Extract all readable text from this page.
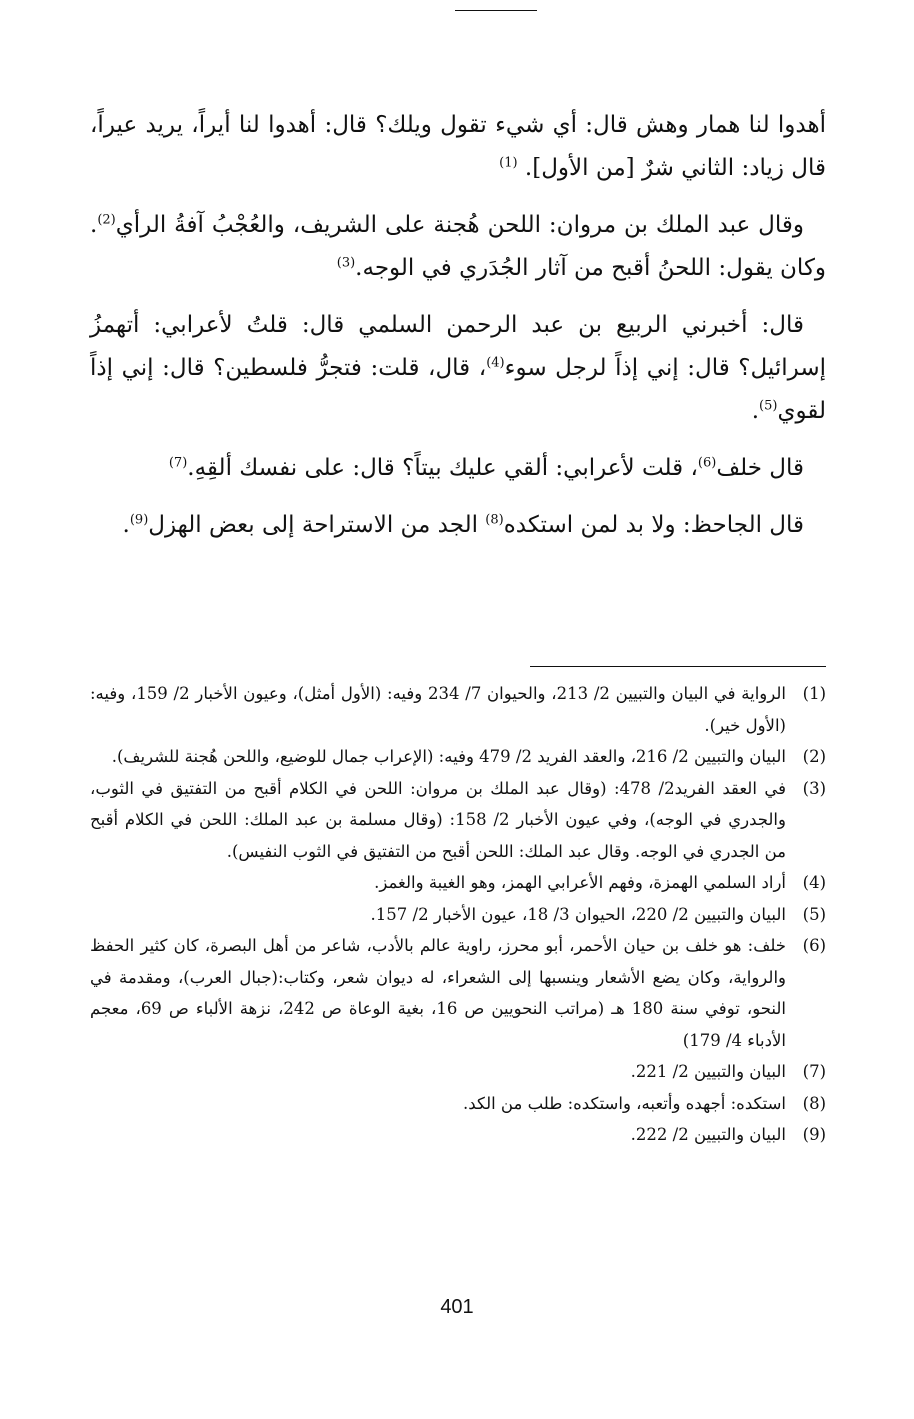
أهدوا لنا همار وهش قال: أي شيء تقول ويلك؟ قال: أهدوا لنا أيراً، يريد عيراً، قال زياد: الثاني شرٌ [من الأول]. $^{(1)}$

وقال عبد الملك بن مروان: اللحن هُجنة على الشريف، والعُجْبُ آفةُ الرأي$^{(2)}$. وكان يقول: اللحنُ أقبح من آثار الجُدَري في الوجه.$^{(3)}$

قال: أخبرني الربيع بن عبد الرحمن السلمي قال: قلتُ لأعرابي: أتهمزُ إسرائيل؟ قال: إني إذاً لرجل سوء$^{(4)}$، قال، قلت: فتجرُّ فلسطين؟ قال: إني إذاً لقوي$^{(5)}$.

قال خلف$^{(6)}$، قلت لأعرابي: ألقي عليك بيتاً؟ قال: على نفسك ألقِهِ.$^{(7)}$

قال الجاحظ: ولا بد لمن استكده$^{(8)}$ الجد من الاستراحة إلى بعض الهزل$^{(9)}$.

(1)
الرواية في البيان والتبيين 2/ 213، والحيوان 7/ 234 وفيه: (الأول أمثل)، وعيون الأخبار 2/ 159، وفيه: (الأول خير).

(2)
البيان والتبيين 2/ 216، والعقد الفريد 2/ 479 وفيه: (الإعراب جمال للوضيع، واللحن هُجنة للشريف).

(3)
في العقد الفريد2/ 478: (وقال عبد الملك بن مروان: اللحن في الكلام أقبح من التفتيق في الثوب، والجدري في الوجه)، وفي عيون الأخبار 2/ 158: (وقال مسلمة بن عبد الملك: اللحن في الكلام أقبح من الجدري في الوجه. وقال عبد الملك: اللحن أقبح من التفتيق في الثوب النفيس).

(4)
أراد السلمي الهمزة، وفهم الأعرابي الهمز، وهو الغيبة والغمز.

(5)
البيان والتبيين 2/ 220، الحيوان 3/ 18، عيون الأخبار 2/ 157.

(6)
خلف: هو خلف بن حيان الأحمر، أبو محرز، راوية عالم بالأدب، شاعر من أهل البصرة، كان كثير الحفظ والرواية، وكان يضع الأشعار وينسبها إلى الشعراء، له ديوان شعر، وكتاب:(جبال العرب)، ومقدمة في النحو، توفي سنة 180 هـ (مراتب النحويين ص 16، بغية الوعاة ص 242، نزهة الألباء ص 69، معجم الأدباء 4/ 179)

(7)
البيان والتبيين 2/ 221.

(8)
استكده: أجهده وأتعبه، واستكده: طلب من الكد.

(9)
البيان والتبيين 2/ 222.

401
